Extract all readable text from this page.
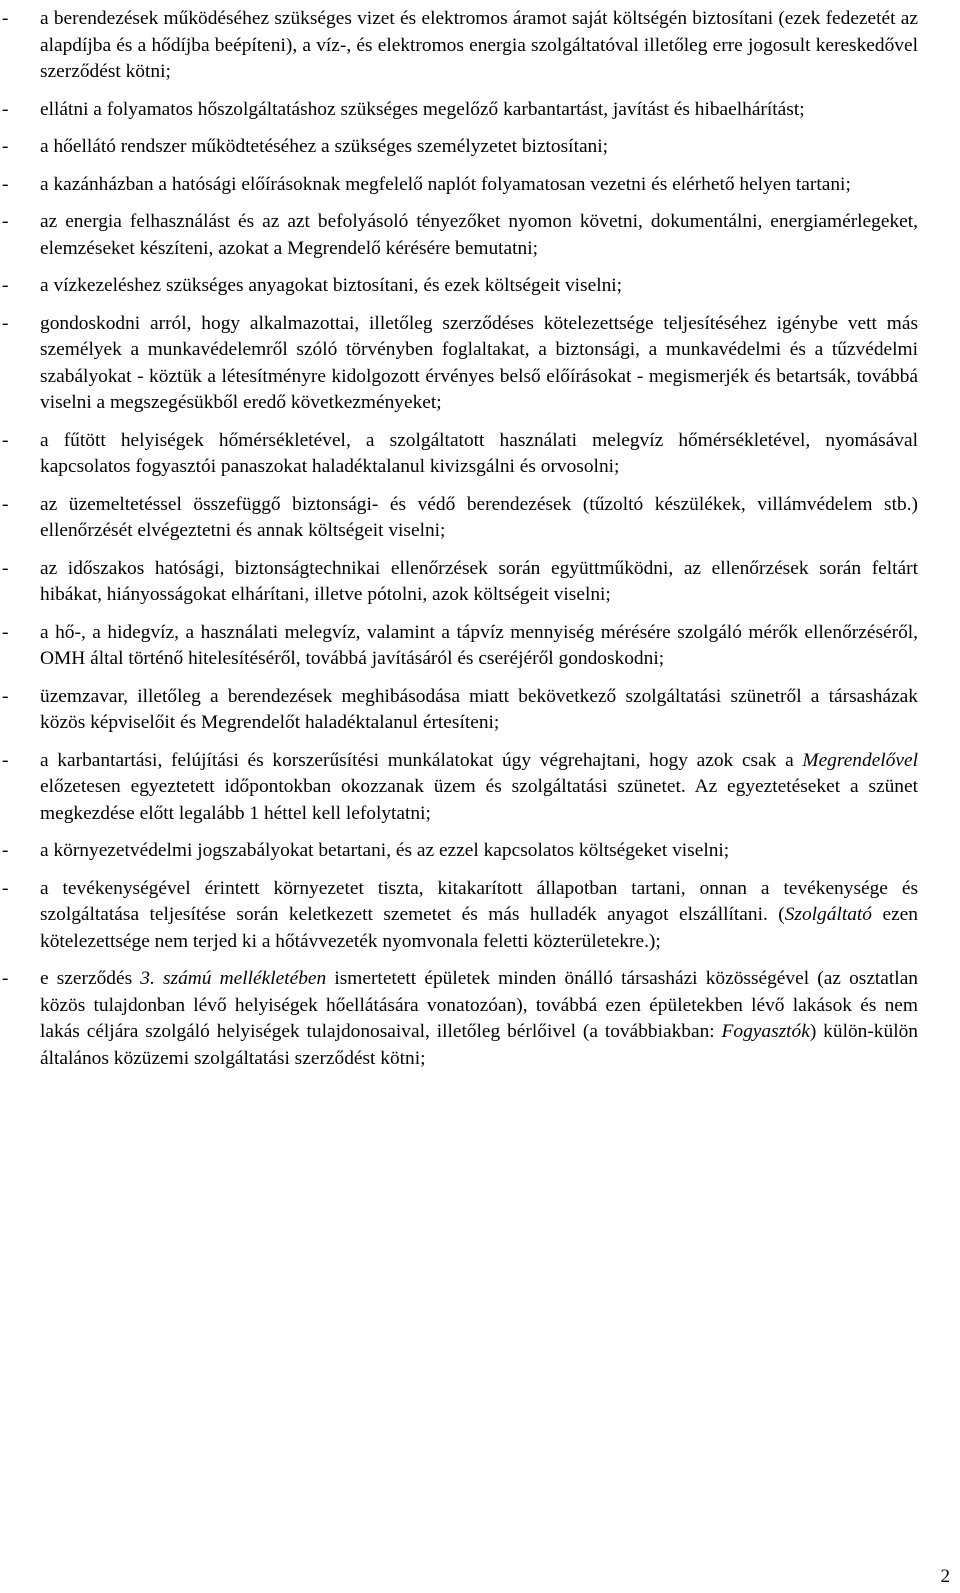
- a berendezések működéséhez szükséges vizet és elektromos áramot saját költségén biztosítani (ezek fedezetét az alapdíjba és a hődíjba beépíteni), a víz-, és elektromos energia szolgáltatóval illetőleg erre jogosult kereskedővel szerződést kötni;
- ellátni a folyamatos hőszolgáltatáshoz szükséges megelőző karbantartást, javítást és hibaelhárítást;
- a hőellátó rendszer működtetéséhez a szükséges személyzetet biztosítani;
- a kazánházban a hatósági előírásoknak megfelelő naplót folyamatosan vezetni és elérhető helyen tartani;
- az energia felhasználást és az azt befolyásoló tényezőket nyomon követni, dokumentálni, energiamérlegeket, elemzéseket készíteni, azokat a Megrendelő kérésére bemutatni;
- a vízkezeléshez szükséges anyagokat biztosítani, és ezek költségeit viselni;
- gondoskodni arról, hogy alkalmazottai, illetőleg szerződéses kötelezettsége teljesítéséhez igénybe vett más személyek a munkavédelemről szóló törvényben foglaltakat, a biztonsági, a munkavédelmi és a tűzvédelmi szabályokat - köztük a létesítményre kidolgozott érvényes belső előírásokat - megismerjék és betartsák, továbbá viselni a megszegésükből eredő következményeket;
- a fűtött helyiségek hőmérsékletével, a szolgáltatott használati melegvíz hőmérsékletével, nyomásával kapcsolatos fogyasztói panaszokat haladéktalanul kivizsgálni és orvosolni;
- az üzemeltetéssel összefüggő biztonsági- és védő berendezések (tűzoltó készülékek, villámvédelem stb.) ellenőrzését elvégeztetni és annak költségeit viselni;
- az időszakos hatósági, biztonságtechnikai ellenőrzések során együttműködni, az ellenőrzések során feltárt hibákat, hiányosságokat elhárítani, illetve pótolni, azok költségeit viselni;
- a hő-, a hidegvíz, a használati melegvíz, valamint a tápvíz mennyiség mérésére szolgáló mérők ellenőrzéséről, OMH által történő hitelesítéséről, továbbá javításáról és cseréjéről gondoskodni;
- üzemzavar, illetőleg a berendezések meghibásodása miatt bekövetkező szolgáltatási szünetről a társasházak közös képviselőit és Megrendelőt haladéktalanul értesíteni;
- a karbantartási, felújítási és korszerűsítési munkálatokat úgy végrehajtani, hogy azok csak a Megrendelővel előzetesen egyeztetett időpontokban okozzanak üzem és szolgáltatási szünetet. Az egyeztetéseket a szünet megkezdése előtt legalább 1 héttel kell lefolytatni;
- a környezetvédelmi jogszabályokat betartani, és az ezzel kapcsolatos költségeket viselni;
- a tevékenységével érintett környezetet tiszta, kitakarított állapotban tartani, onnan a tevékenysége és szolgáltatása teljesítése során keletkezett szemetet és más hulladék anyagot elszállítani. (Szolgáltató ezen kötelezettsége nem terjed ki a hőtávvezeték nyomvonala feletti közterületekre.);
- e szerződés 3. számú mellékletében ismertetett épületek minden önálló társasházi közösségével (az osztatlan közös tulajdonban lévő helyiségek hőellátására vonatozóan), továbbá ezen épületekben lévő lakások és nem lakás céljára szolgáló helyiségek tulajdonosaival, illetőleg bérlőivel (a továbbiakban: Fogyasztók) külön-külön általános közüzemi szolgáltatási szerződést kötni;
2
